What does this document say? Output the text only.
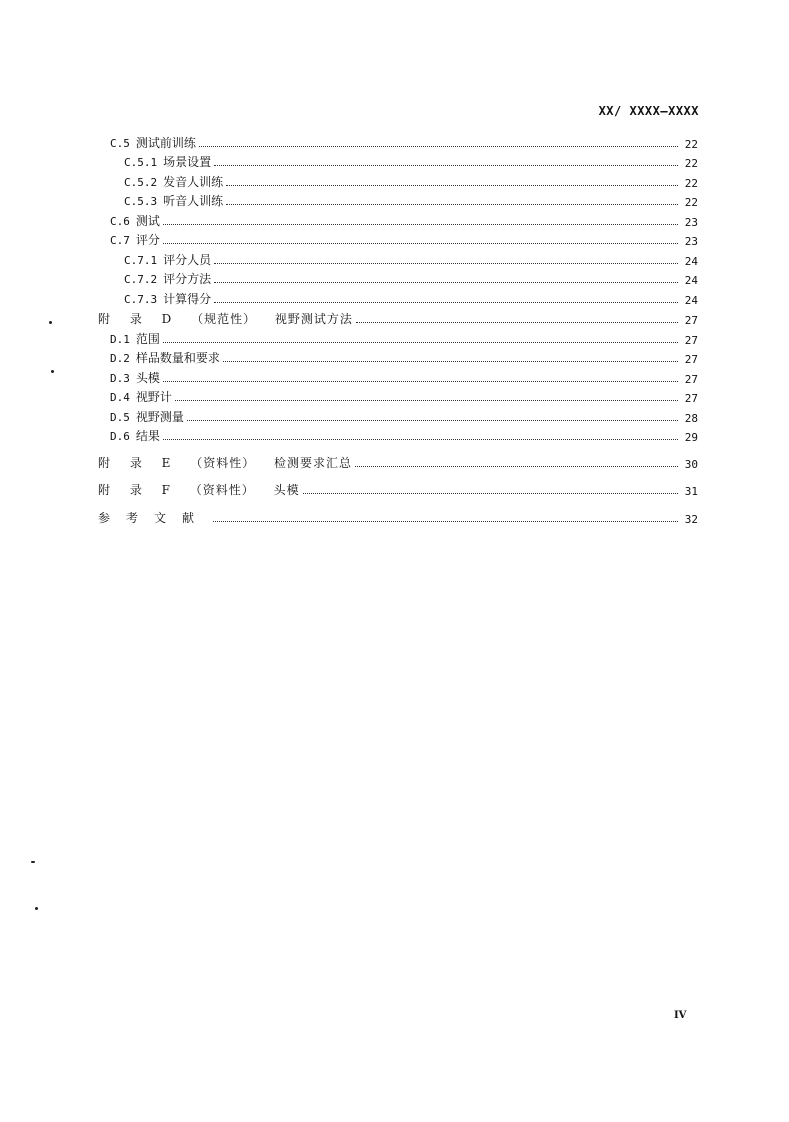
XX/ XXXX—XXXX
C.5 测试前训练	22
C.5.1 场景设置	22
C.5.2 发音人训练	22
C.5.3 听音人训练	22
C.6 测试	23
C.7 评分	23
C.7.1 评分人员	24
C.7.2 评分方法	24
C.7.3 计算得分	24
附 录 D （规范性） 视野测试方法	27
D.1 范围	27
D.2 样品数量和要求	27
D.3 头模	27
D.4 视野计	27
D.5 视野测量	28
D.6 结果	29
附 录 E （资料性） 检测要求汇总	30
附 录 F （资料性） 头模	31
参考文献	32
IV
